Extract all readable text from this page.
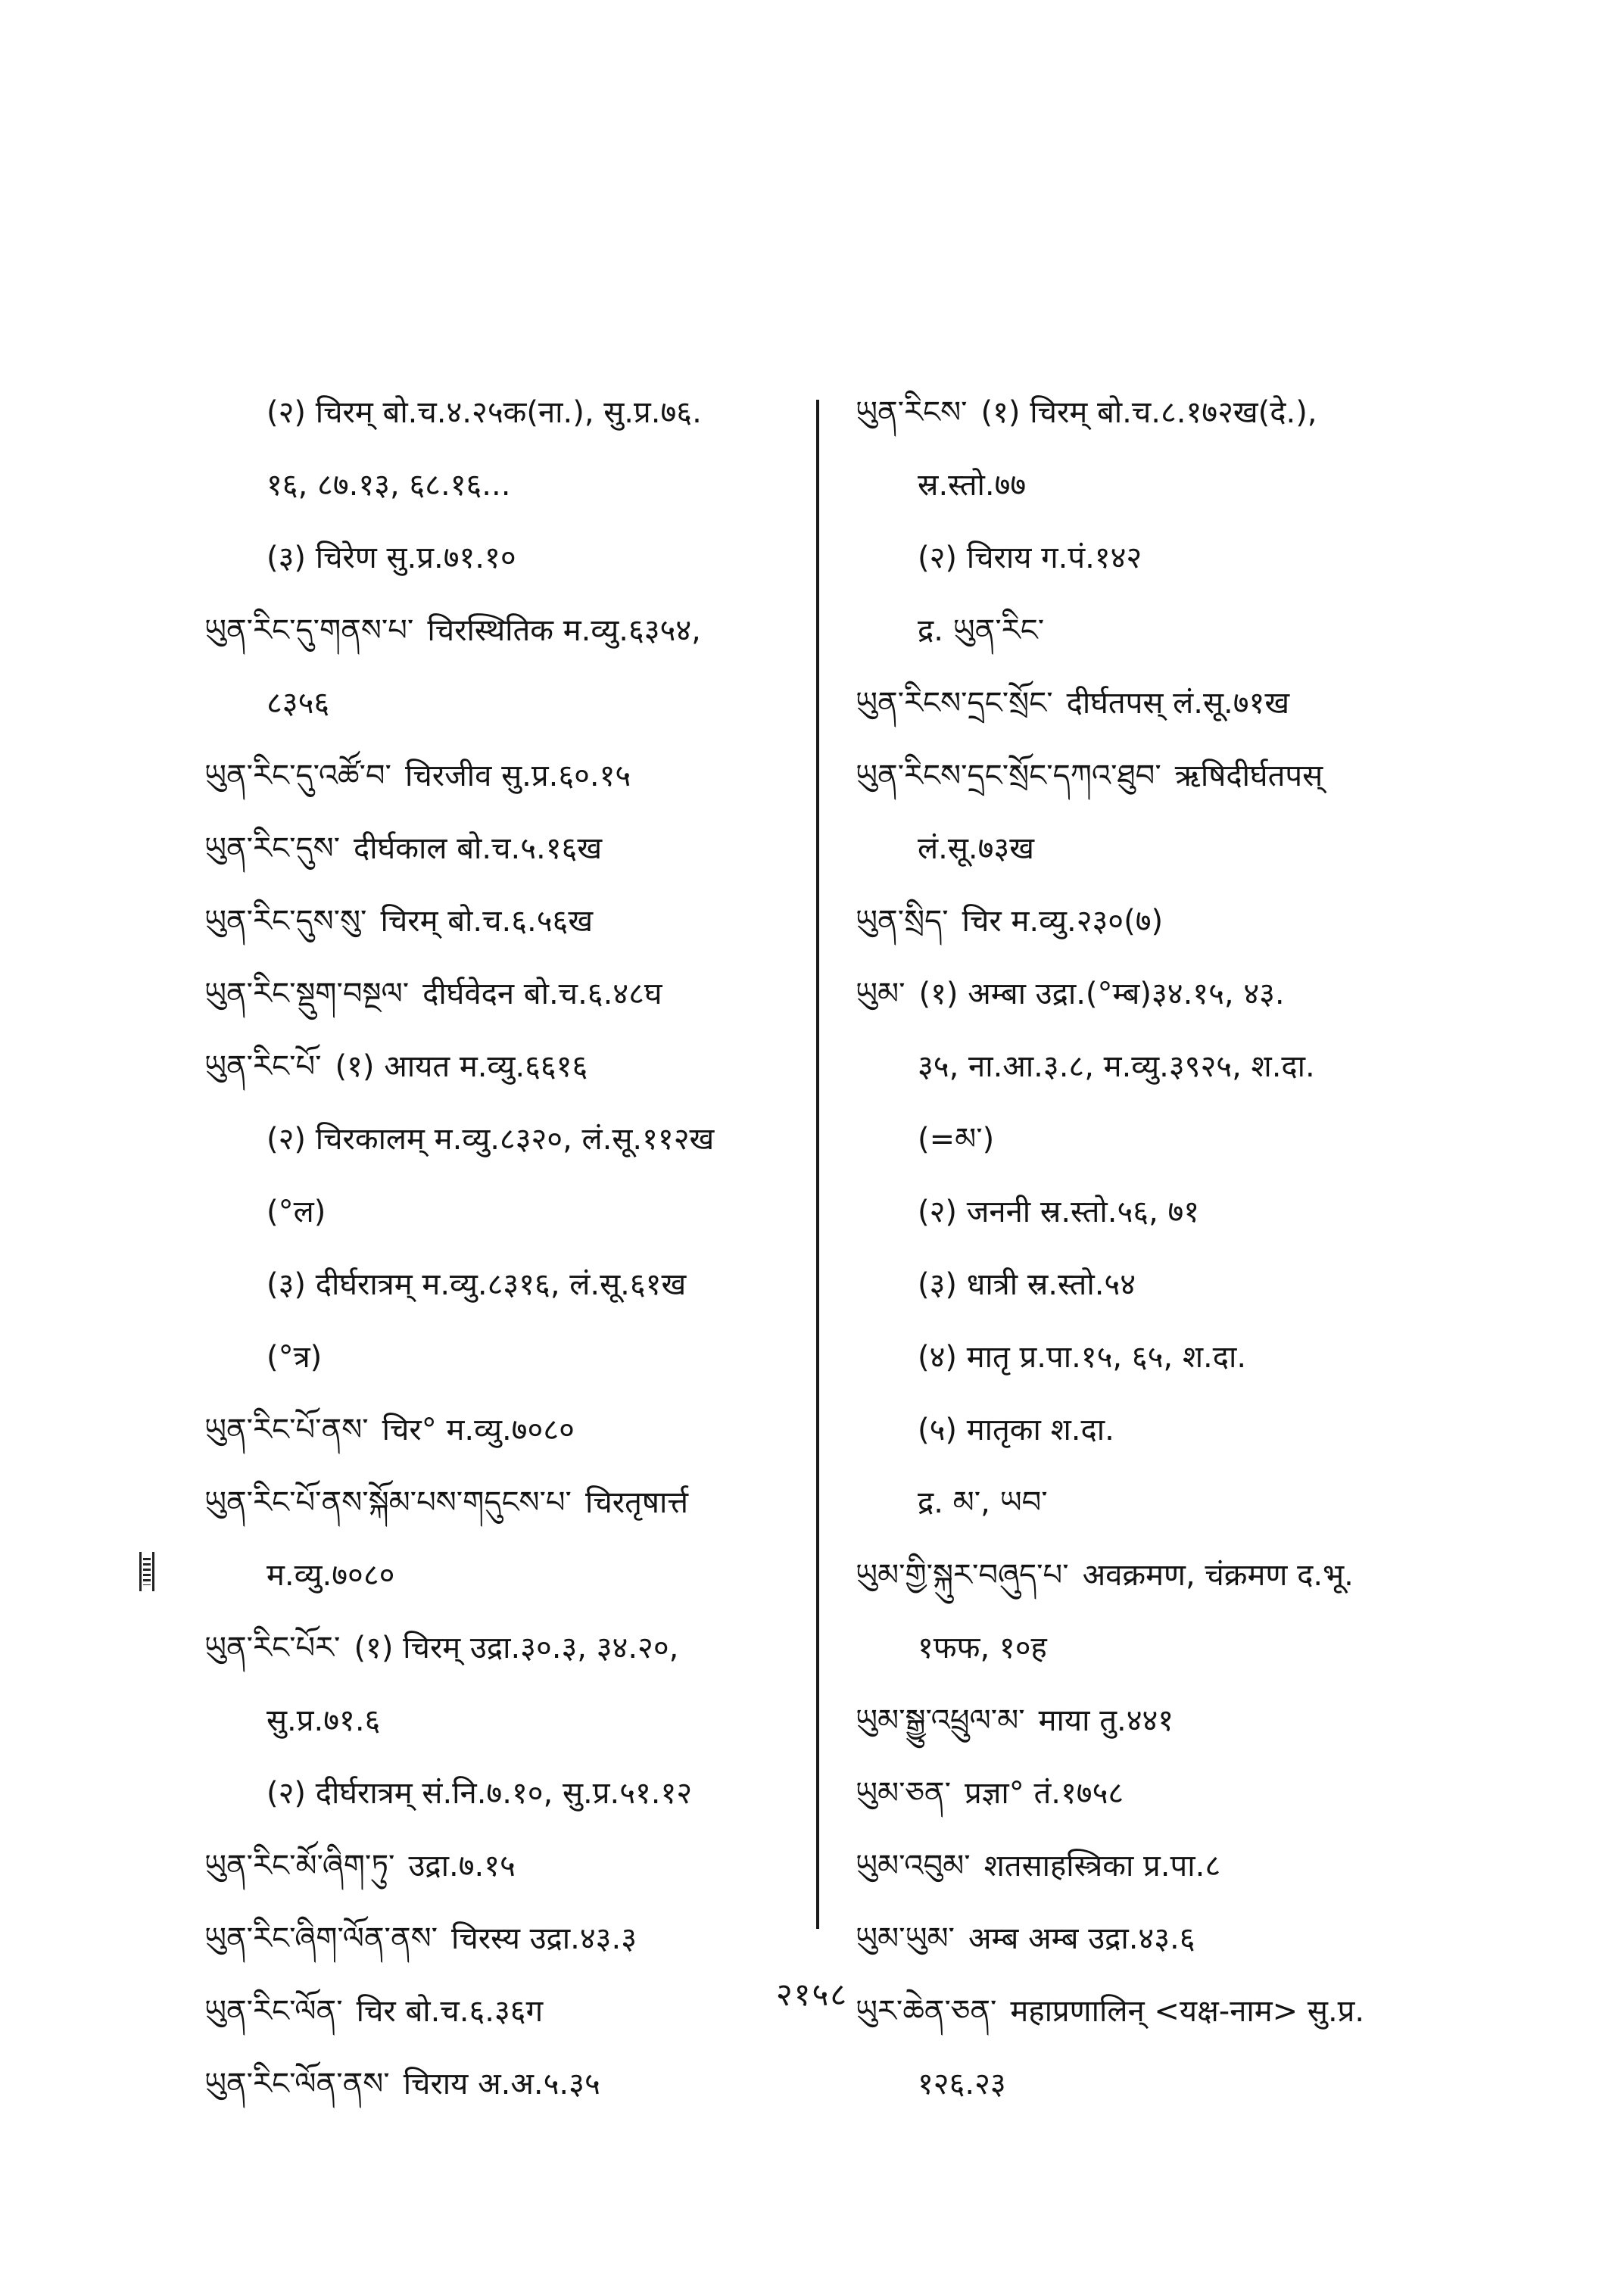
(२) चिरम् बो.च.४.२५क(ना.), सु.प्र.७६.
१६, ८७.१३, ६८.१६...
(३) चिरेण सु.प्र.७१.१०
ཡུན་རིང་དུ་གནས་པ་ चिरस्थितिक म.व्यु.६३५४,
८३५६
ཡུན་རིང་དུ་འཚོ་བ་ चिरजीव सु.प्र.६०.१५
ཡུན་རིང་དུས་ दीर्घकाल बो.च.५.१६ख
ཡུན་རིང་དུས་སུ་ चिरम् बो.च.६.५६ख
ཡུན་རིང་སྡུག་བསྔལ་ दीर्घवेदन बो.च.६.४८घ
ཡུན་རིང་པོ་ (१) आयत म.व्यु.६६१६
(२) चिरकालम् म.व्यु.८३२०, लं.सू.११२ख
(°ल)
(३) दीर्घरात्रम् म.व्यु.८३१६, लं.सू.६१ख
(°त्र)
ཡུན་རིང་པོ་ནས་ चिर° म.व्यु.७०८०
ཡུན་རིང་པོ་ནས་སྐོམ་པས་གདུངས་པ་ चिरतृषार्त्त
म.व्यु.७०८०
ཡུན་རིང་པོར་ (१) चिरम् उद्रा.३०.३, ३४.२०,
सु.प्र.७१.६
(२) दीर्घरात्रम् सं.नि.७.१०, सु.प्र.५१.१२
ཡུན་རིང་མོ་ཞིག་ཏུ་ उद्रा.७.१५
ཡུན་རིང་ཞིག་ལོན་ནས་ चिरस्य उद्रा.४३.३
ཡུན་རིང་ལོན་ चिर बो.च.६.३६ग
ཡུན་རིང་ལོན་ནས་ चिराय अ.अ.५.३५
ཡུན་རིངས་ (१) चिरम् बो.च.८.१७२ख(दे.),
स्र.स्तो.७७
(२) चिराय ग.पं.१४२
द्र. ཡུན་རིང་
ཡུན་རིངས་དྲང་སྲོང་ दीर्घतपस् लं.सू.७१ख
ཡུན་རིངས་དྲང་སྲོང་དཀའ་ཐུབ་ ऋषिदीर्घतपस्
लं.सू.७३ख
ཡུན་སྲིད་ चिर म.व्यु.२३०(७)
ཡུམ་ (१) अम्बा उद्रा.(°म्ब)३४.१५, ४३.
३५, ना.आ.३.८, म.व्यु.३९२५, श.दा.
(=མ་)
(२) जननी स्र.स्तो.५६, ७१
(३) धात्री स्र.स्तो.५४
(४) मातृ प्र.पा.१५, ६५, श.दा.
(५) मातृका श.दा.
द्र. མ་, ཡབ་
ཡུམ་གྱི་སྐུར་བཞུད་པ་ अवक्रमण, चंक्रमण द.भू.
१फफ, १०ह
ཡུམ་སྒྱུ་འཕྲུལ་མ་ माया तु.४४१
ཡུམ་ཅན་ प्रज्ञा° तं.१७५८
ཡུམ་འབུམ་ शतसाहस्त्रिका प्र.पा.८
ཡུམ་ཡུམ་ अम्ब अम्ब उद्रा.४३.६
ཡུར་ཆེན་ཅན་ महाप्रणालिन् <यक्ष-नाम> सु.प्र.
१२६.२३
२१५८
